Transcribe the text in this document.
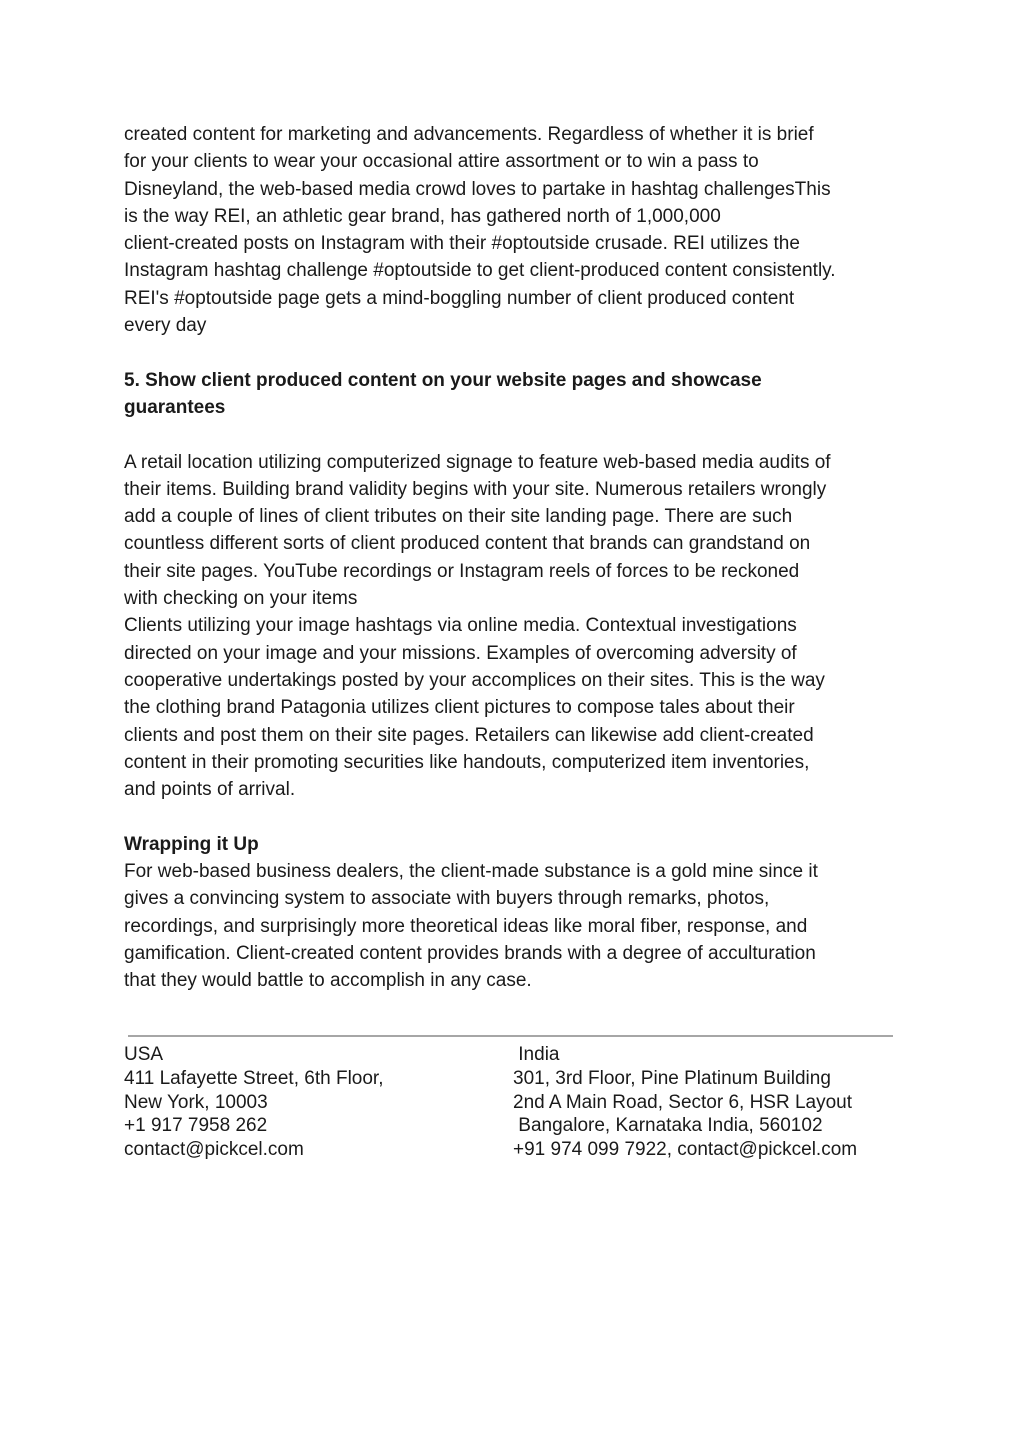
created content for marketing and advancements. Regardless of whether it is brief
for your clients to wear your occasional attire assortment or to win a pass to
Disneyland, the web-based media crowd loves to partake in hashtag challengesThis
is the way REI, an athletic gear brand, has gathered north of 1,000,000
client-created posts on Instagram with their #optoutside crusade. REI utilizes the
Instagram hashtag challenge #optoutside to get client-produced content consistently.
REI's #optoutside page gets a mind-boggling number of client produced content
every day
5. Show client produced content on your website pages and showcase
guarantees
A retail location utilizing computerized signage to feature web-based media audits of
their items. Building brand validity begins with your site. Numerous retailers wrongly
add a couple of lines of client tributes on their site landing page. There are such
countless different sorts of client produced content that brands can grandstand on
their site pages. YouTube recordings or Instagram reels of forces to be reckoned
with checking on your items
Clients utilizing your image hashtags via online media. Contextual investigations
directed on your image and your missions. Examples of overcoming adversity of
cooperative undertakings posted by your accomplices on their sites. This is the way
the clothing brand Patagonia utilizes client pictures to compose tales about their
clients and post them on their site pages. Retailers can likewise add client-created
content in their promoting securities like handouts, computerized item inventories,
and points of arrival.
Wrapping it Up
For web-based business dealers, the client-made substance is a gold mine since it
gives a convincing system to associate with buyers through remarks, photos,
recordings, and surprisingly more theoretical ideas like moral fiber, response, and
gamification. Client-created content provides brands with a degree of acculturation
that they would battle to accomplish in any case.
USA
411 Lafayette Street, 6th Floor,
New York, 10003
+1 917 7958 262
contact@pickcel.com
India
301, 3rd Floor, Pine Platinum Building
2nd A Main Road, Sector 6, HSR Layout
Bangalore, Karnataka India, 560102
+91 974 099 7922, contact@pickcel.com
